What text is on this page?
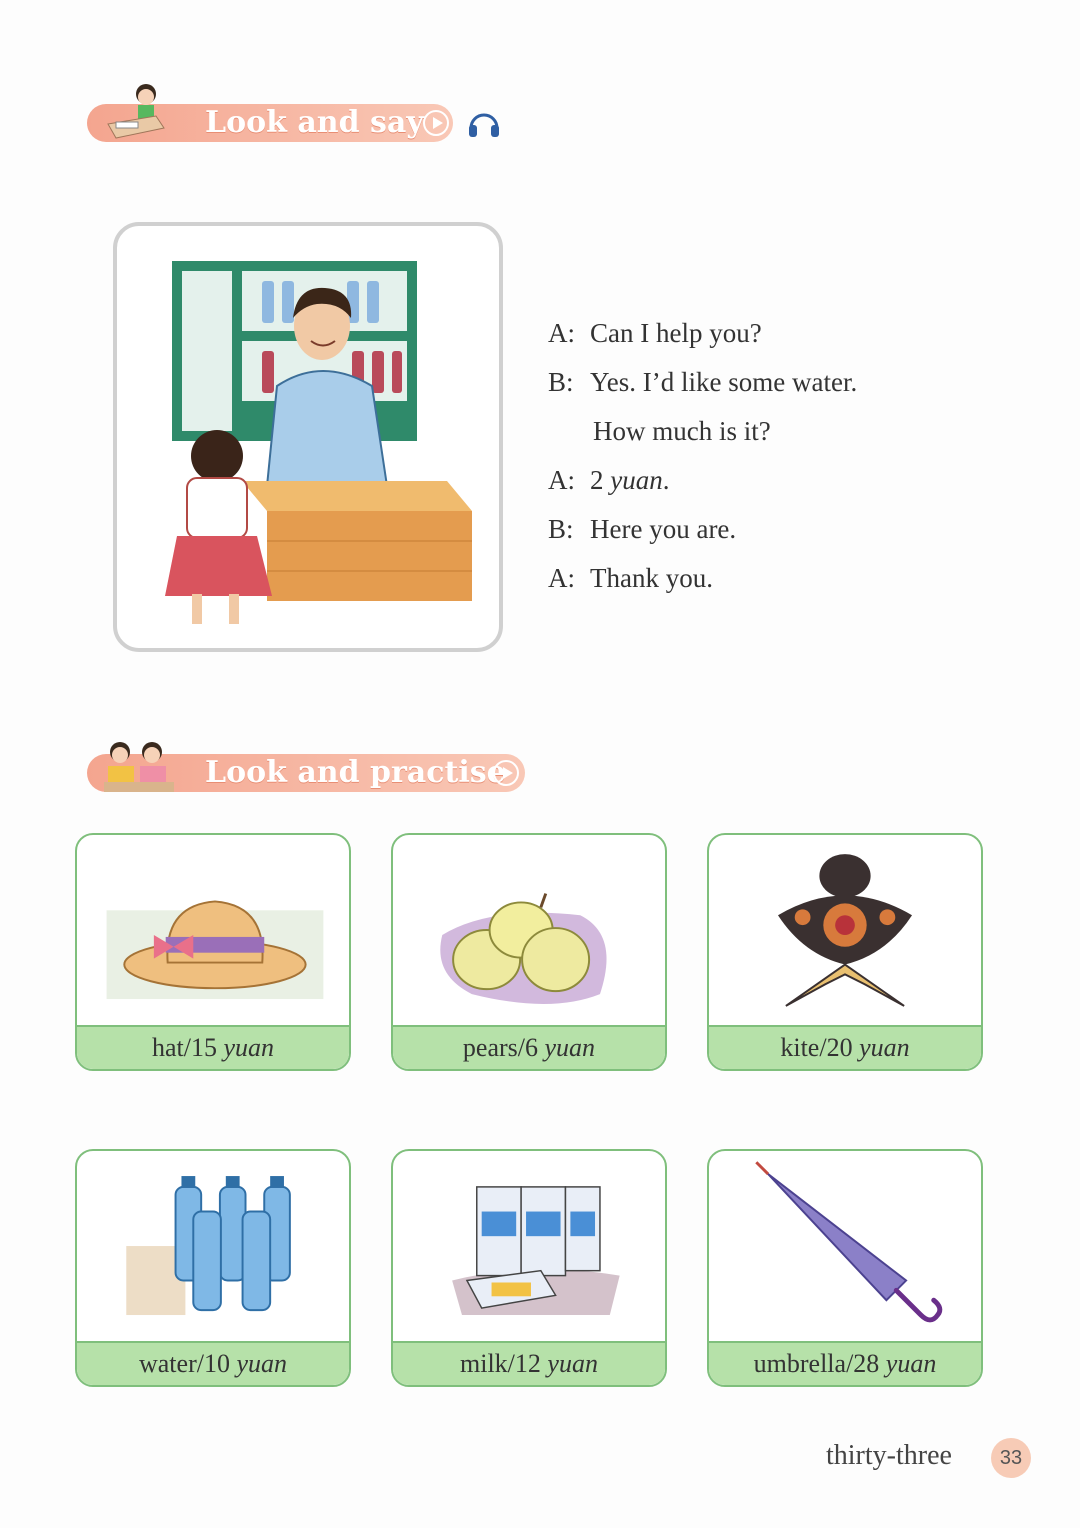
Look and say
A: Can I help you?
B: Yes. I’d like some water.
How much is it?
A: 2 yuan .
B: Here you are.
A: Thank you.
Look and practise
hat/15 yuan	pears/6 yuan	kite/20 yuan
water/10 yuan	milk/12 yuan	umbrella/28 yuan
thirty-three	33
